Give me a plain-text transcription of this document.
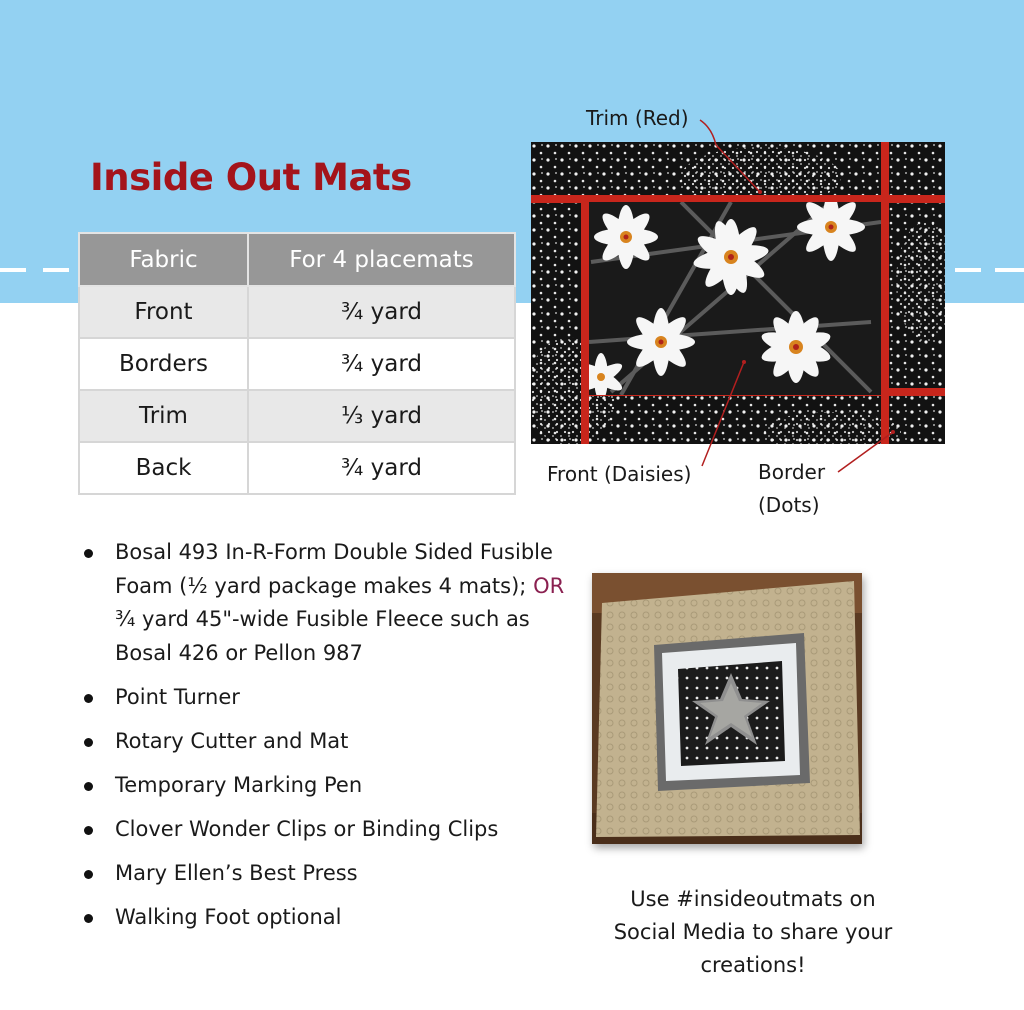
Inside Out Mats
Fabric	For 4 placemats
Front	¾ yard
Borders	¾ yard
Trim	⅓ yard
Back	¾ yard
Trim (Red)
Front (Daisies)	Border
(Dots)
Bosal 493 In-R-Form Double Sided Fusible
Foam (½ yard package makes 4 mats); OR
¾ yard 45"-wide Fusible Fleece such as
Bosal 426 or Pellon 987
Point Turner
Rotary Cutter and Mat
Temporary Marking Pen
Clover Wonder Clips or Binding Clips
Mary Ellen’s Best Press
Walking Foot optional
Use #insideoutmats on
Social Media to share your
creations!
